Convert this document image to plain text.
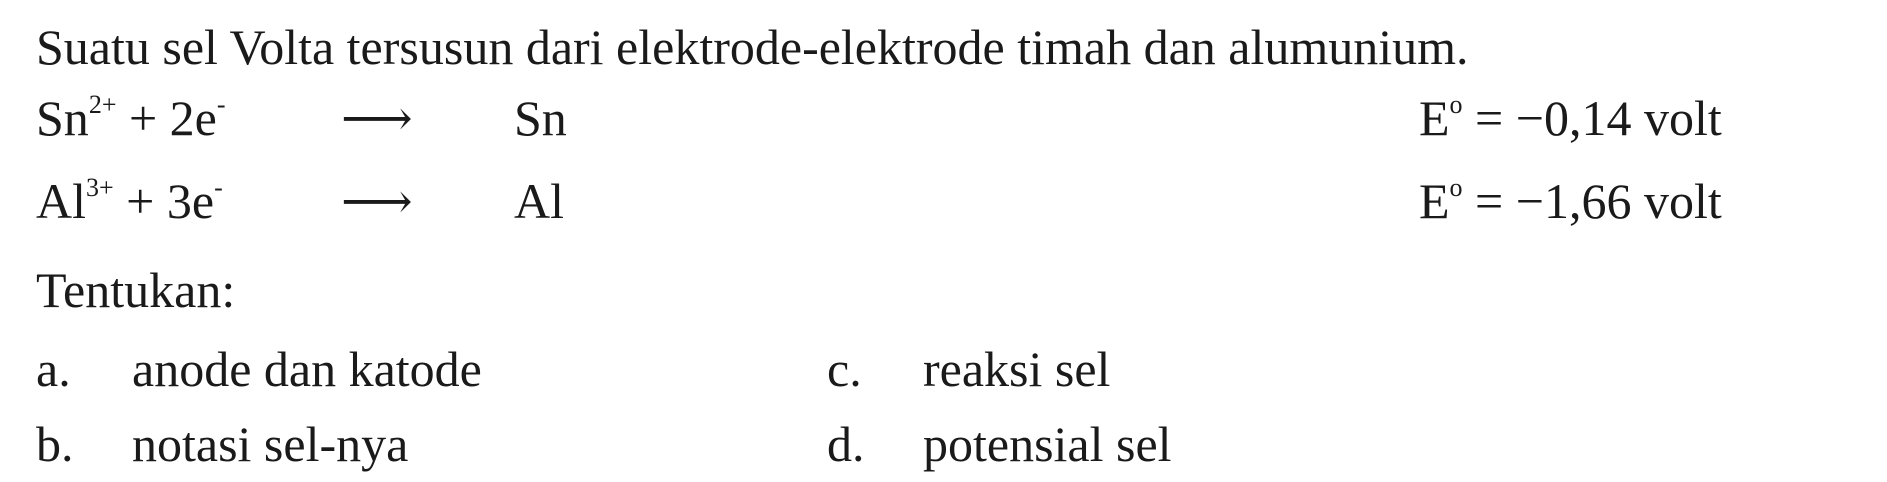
Suatu sel Volta tersusun dari elektrode-elektrode timah dan alumunium.
$Sn^{2+} + 2e^-$ ⟶ Sn	$E^o = -0,14$ volt
$Al^{3+} + 3e^-$ ⟶ Al	$E^o = -1,66$ volt
Tentukan:
a. anode dan katode
b. notasi sel-nya
c. reaksi sel
d. potensial sel
